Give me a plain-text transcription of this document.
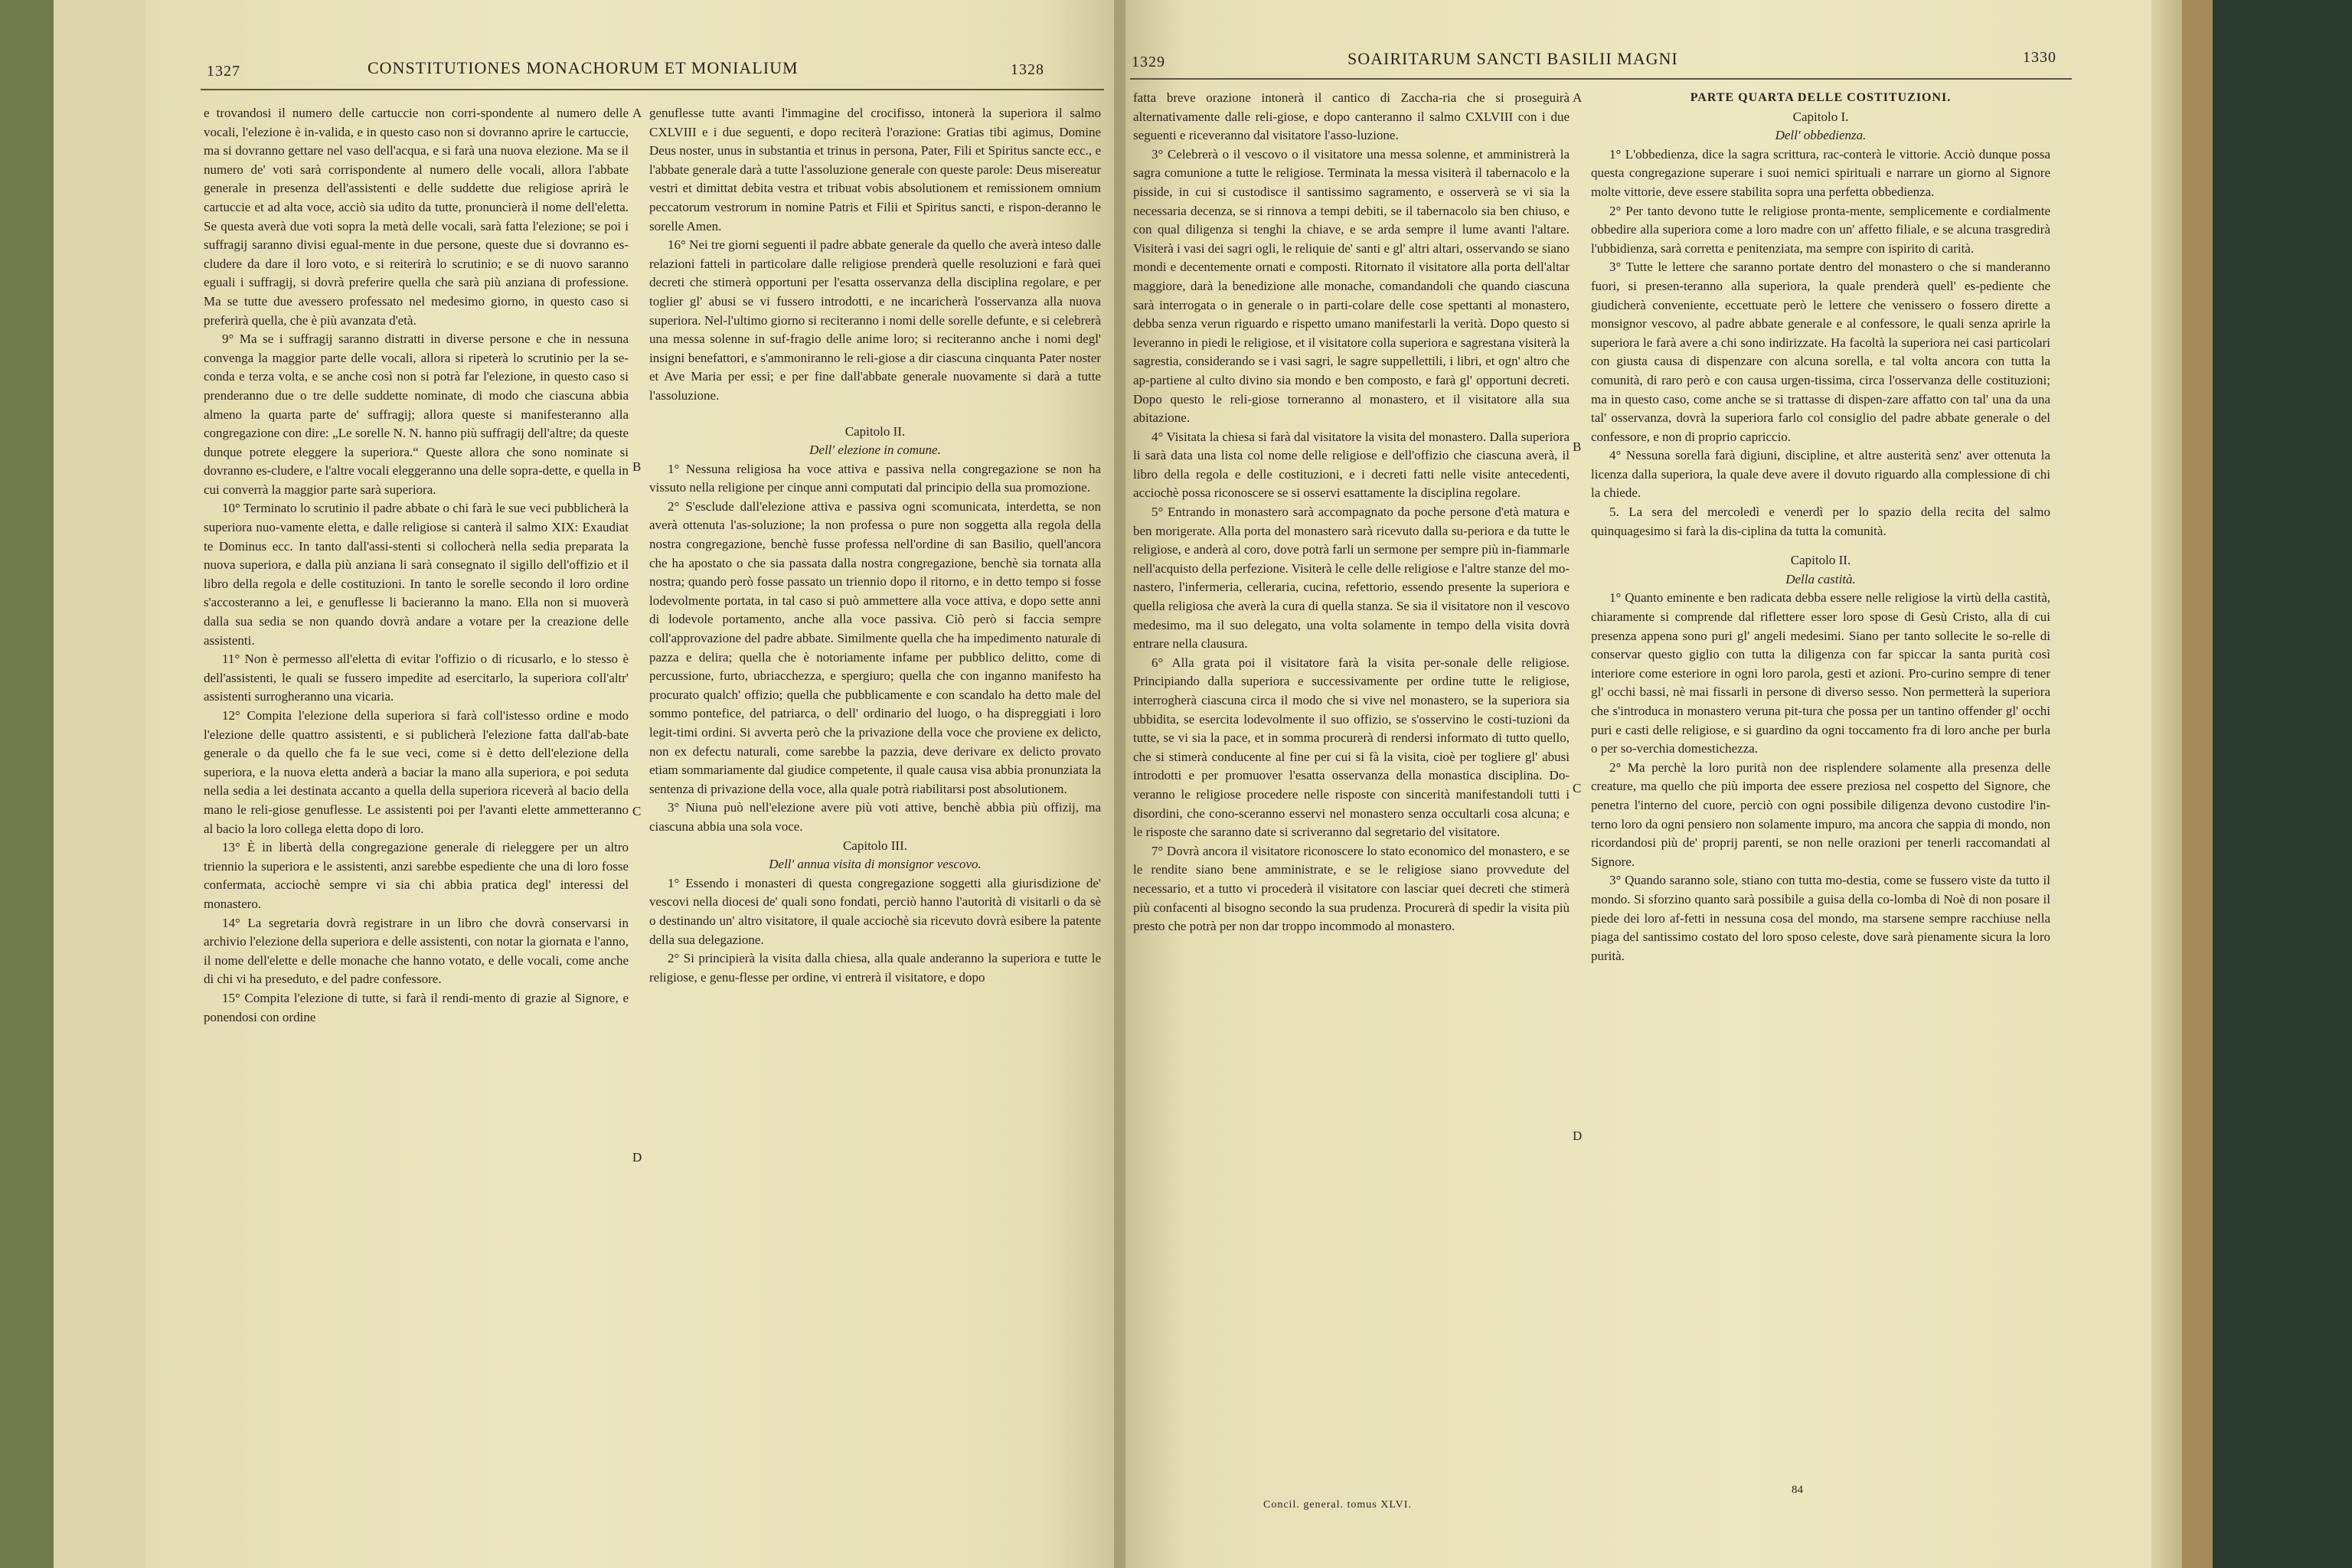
1327	CONSTITUTIONES MONACHORUM ET MONIALIUM	1328

e trovandosi il numero delle cartuccie non corri-spondente al numero delle vocali, l'elezione è in-valida, e in questo caso non si dovranno aprire le cartuccie, ma si dovranno gettare nel vaso dell'acqua, e si farà una nuova elezione. Ma se il numero de' voti sarà corrispondente al numero delle vocali, allora l'abbate generale in presenza dell'assistenti e delle suddette due religiose aprirà le cartuccie et ad alta voce, acciò sia udito da tutte, pronuncierà il nome dell'eletta. Se questa averà due voti sopra la metà delle vocali, sarà fatta l'elezione; se poi i suffragij saranno divisi egual-mente in due persone, queste due si dovranno es-cludere da dare il loro voto, e si reiterirà lo scrutinio; e se di nuovo saranno eguali i suffragij, si dovrà preferire quella che sarà più anziana di professione. Ma se tutte due avessero professato nel medesimo giorno, in questo caso si preferirà quella, che è più avanzata d'età.

9° Ma se i suffragij saranno distratti in diverse persone e che in nessuna convenga la maggior parte delle vocali, allora si ripeterà lo scrutinio per la se-conda e terza volta, e se anche così non si potrà far l'elezione, in questo caso si prenderanno due o tre delle suddette nominate, di modo che ciascuna abbia almeno la quarta parte de' suffragij; allora queste si manifesteranno alla congregazione con dire: „Le sorelle N. N. hanno più suffragij dell'altre; da queste dunque potrete eleggere la superiora.“ Queste allora che sono nominate si dovranno es-cludere, e l'altre vocali eleggeranno una delle sopra-dette, e quella in cui converrà la maggior parte sarà superiora.

10° Terminato lo scrutinio il padre abbate o chi farà le sue veci pubblicherà la superiora nuo-vamente eletta, e dalle religiose si canterà il salmo XIX: Exaudiat te Dominus ecc. In tanto dall'assi-stenti si collocherà nella sedia preparata la nuova superiora, e dalla più anziana li sarà consegnato il sigillo dell'offizio et il libro della regola e delle costituzioni. In tanto le sorelle secondo il loro ordine s'accosteranno a lei, e genuflesse li bacieranno la mano. Ella non si muoverà dalla sua sedia se non quando dovrà andare a votare per la creazione delle assistenti.

11° Non è permesso all'eletta di evitar l'offizio o di ricusarlo, e lo stesso è dell'assistenti, le quali se fussero impedite ad esercitarlo, la superiora coll'altr' assistenti surrogheranno una vicaria.

12° Compita l'elezione della superiora si farà coll'istesso ordine e modo l'elezione delle quattro assistenti, e si publicherà l'elezione fatta dall'ab-bate generale o da quello che fa le sue veci, come si è detto dell'elezione della superiora, e la nuova eletta anderà a baciar la mano alla superiora, e poi seduta nella sedia a lei destinata accanto a quella della superiora riceverà al bacio della mano le reli-giose genuflesse. Le assistenti poi per l'avanti elette ammetteranno al bacio la loro collega eletta dopo di loro.

13° È in libertà della congregazione generale di rieleggere per un altro triennio la superiora e le assistenti, anzi sarebbe espediente che una di loro fosse confermata, acciochè sempre vi sia chi abbia pratica degl' interessi del monastero.

14° La segretaria dovrà registrare in un libro che dovrà conservarsi in archivio l'elezione della superiora e delle assistenti, con notar la giornata e l'anno, il nome dell'elette e delle monache che hanno votato, e delle vocali, come anche di chi vi ha preseduto, e del padre confessore.

15° Compita l'elezione di tutte, si farà il rendi-mento di grazie al Signore, e ponendosi con ordine

A
B
C
D

genuflesse tutte avanti l'immagine del crocifisso, intonerà la superiora il salmo CXLVIII e i due seguenti, e dopo reciterà l'orazione: Gratias tibi agimus, Domine Deus noster, unus in substantia et trinus in persona, Pater, Fili et Spiritus sancte ecc., e l'abbate generale darà a tutte l'assoluzione generale con queste parole: Deus misereatur vestri et dimittat debita vestra et tribuat vobis absolutionem et remissionem omnium peccatorum vestrorum in nomine Patris et Filii et Spiritus sancti, e rispon-deranno le sorelle Amen.

16° Nei tre giorni seguenti il padre abbate generale da quello che averà inteso dalle relazioni fatteli in particolare dalle religiose prenderà quelle resoluzioni e farà quei decreti che stimerà opportuni per l'esatta osservanza della disciplina regolare, e per toglier gl' abusi se vi fussero introdotti, e ne incaricherà l'osservanza alla nuova superiora. Nel-l'ultimo giorno si reciteranno i nomi delle sorelle defunte, e si celebrerà una messa solenne in suf-fragio delle anime loro; si reciteranno anche i nomi degl' insigni benefattori, e s'ammoniranno le reli-giose a dir ciascuna cinquanta Pater noster et Ave Maria per essi; e per fine dall'abbate generale nuovamente si darà a tutte l'assoluzione.

Capitolo II.

Dell' elezione in comune.

1° Nessuna religiosa ha voce attiva e passiva nella congregazione se non ha vissuto nella religione per cinque anni computati dal principio della sua promozione.

2° S'esclude dall'elezione attiva e passiva ogni scomunicata, interdetta, se non averà ottenuta l'as-soluzione; la non professa o pure non soggetta alla regola della nostra congregazione, benchè fusse professa nell'ordine di san Basilio, quell'ancora che ha apostato o che sia passata dalla nostra congregazione, benchè sia tornata alla nostra; quando però fosse passato un triennio dopo il ritorno, e in detto tempo si fosse lodevolmente portata, in tal caso si può ammettere alla voce attiva, e dopo sette anni di lodevole portamento, anche alla voce passiva. Ciò però si faccia sempre coll'approvazione del padre abbate. Similmente quella che ha impedimento naturale di pazza e delira; quella che è notoriamente infame per pubblico delitto, come di percussione, furto, ubriacchezza, e spergiuro; quella che con inganno manifesto ha procurato qualch' offizio; quella che pubblicamente e con scandalo ha detto male del sommo pontefice, del patriarca, o dell' ordinario del luogo, o ha dispreggiati i loro legit-timi ordini. Si avverta però che la privazione della voce che proviene ex delicto, non ex defectu naturali, come sarebbe la pazzia, deve derivare ex delicto provato etiam sommariamente dal giudice competente, il quale causa visa abbia pronunziata la sentenza di privazione della voce, alla quale potrà riabilitarsi post absolutionem.

3° Niuna può nell'elezione avere più voti attive, benchè abbia più offizij, ma ciascuna abbia una sola voce.

Capitolo III.

Dell' annua visita di monsignor vescovo.

1° Essendo i monasteri di questa congregazione soggetti alla giurisdizione de' vescovi nella diocesi de' quali sono fondati, perciò hanno l'autorità di visitarli o da sè o destinando un' altro visitatore, il quale acciochè sia ricevuto dovrà esibere la patente della sua delegazione.

2° Si principierà la visita dalla chiesa, alla quale anderanno la superiora e tutte le religiose, e genu-flesse per ordine, vi entrerà il visitatore, e dopo

1329	SOAIRITARUM SANCTI BASILII MAGNI	1330

fatta breve orazione intonerà il cantico di Zaccha-ria che si proseguirà alternativamente dalle reli-giose, e dopo canteranno il salmo CXLVIII con i due seguenti e riceveranno dal visitatore l'asso-luzione.

3° Celebrerà o il vescovo o il visitatore una messa solenne, et amministrerà la sagra comunione a tutte le religiose. Terminata la messa visiterà il tabernacolo e la pisside, in cui si custodisce il santissimo sagramento, e osserverà se vi sia la necessaria decenza, se si rinnova a tempi debiti, se il tabernacolo sia ben chiuso, e con qual diligenza si tenghi la chiave, e se arda sempre il lume avanti l'altare. Visiterà i vasi dei sagri ogli, le reliquie de' santi e gl' altri altari, osservando se siano mondi e decentemente ornati e composti. Ritornato il visitatore alla porta dell'altar maggiore, darà la benedizione alle monache, comandandoli che quando ciascuna sarà interrogata o in generale o in parti-colare delle cose spettanti al monastero, debba senza verun riguardo e rispetto umano manifestarli la verità. Dopo questo si leveranno in piedi le religiose, et il visitatore colla superiora e sagrestana visiterà la sagrestia, considerando se i vasi sagri, le sagre suppellettili, i libri, et ogn' altro che ap-partiene al culto divino sia mondo e ben composto, e farà gl' opportuni decreti. Dopo questo le reli-giose torneranno al monastero, et il visitatore alla sua abitazione.

4° Visitata la chiesa si farà dal visitatore la visita del monastero. Dalla superiora li sarà data una lista col nome delle religiose e dell'offizio che ciascuna averà, il libro della regola e delle costituzioni, e i decreti fatti nelle visite antecedenti, acciochè possa riconoscere se si osservi esattamente la disciplina regolare.

5° Entrando in monastero sarà accompagnato da poche persone d'età matura e ben morigerate. Alla porta del monastero sarà ricevuto dalla su-periora e da tutte le religiose, e anderà al coro, dove potrà farli un sermone per sempre più in-fiammarle nell'acquisto della perfezione. Visiterà le celle delle religiose e l'altre stanze del mo-nastero, l'infermeria, celleraria, cucina, refettorio, essendo presente la superiora e quella religiosa che averà la cura di quella stanza. Se sia il visitatore non il vescovo medesimo, ma il suo delegato, una volta solamente in tempo della visita dovrà entrare nella clausura.

6° Alla grata poi il visitatore farà la visita per-sonale delle religiose. Principiando dalla superiora e successivamente per ordine tutte le religiose, interrogherà ciascuna circa il modo che si vive nel monastero, se la superiora sia ubbidita, se esercita lodevolmente il suo offizio, se s'osservino le costi-tuzioni da tutte, se vi sia la pace, et in somma procurerà di rendersi informato di tutto quello, che si stimerà conducente al fine per cui si fà la visita, cioè per togliere gl' abusi introdotti e per promuover l'esatta osservanza della monastica disciplina. Do-veranno le religiose procedere nelle risposte con sincerità manifestandoli tutti i disordini, che cono-sceranno esservi nel monastero senza occultarli cosa alcuna; e le risposte che saranno date si scriveranno dal segretario del visitatore.

7° Dovrà ancora il visitatore riconoscere lo stato economico del monastero, e se le rendite siano bene amministrate, e se le religiose siano provvedute del necessario, et a tutto vi procederà il visitatore con lasciar quei decreti che stimerà più confacenti al bisogno secondo la sua prudenza. Procurerà di spedir la visita più presto che potrà per non dar troppo incommodo al monastero.

A
B
C
D

PARTE QUARTA DELLE COSTITUZIONI.

Capitolo I.

Dell' obbedienza.

1° L'obbedienza, dice la sagra scrittura, rac-conterà le vittorie. Acciò dunque possa questa congregazione superare i suoi nemici spirituali e narrare un giorno al Signore molte vittorie, deve essere stabilita sopra una perfetta obbedienza.

2° Per tanto devono tutte le religiose pronta-mente, semplicemente e cordialmente obbedire alla superiora come a loro madre con un' affetto filiale, e se alcuna trasgredirà l'ubbidienza, sarà corretta e penitenziata, ma sempre con ispirito di carità.

3° Tutte le lettere che saranno portate dentro del monastero o che si manderanno fuori, si presen-teranno alla superiora, la quale prenderà quell' es-pediente che giudicherà conveniente, eccettuate però le lettere che venissero o fossero dirette a monsignor vescovo, al padre abbate generale e al confessore, le quali senza aprirle la superiora le farà avere a chi sono indirizzate. Ha facoltà la superiora nei casi particolari con giusta causa di dispenzare con alcuna sorella, e tal volta ancora con tutta la comunità, di raro però e con causa urgen-tissima, circa l'osservanza delle costituzioni; ma in questo caso, come anche se si trattasse di dispen-zare affatto con tal' una da una tal' osservanza, dovrà la superiora farlo col consiglio del padre abbate generale o del confessore, e non di proprio capriccio.

4° Nessuna sorella farà digiuni, discipline, et altre austerità senz' aver ottenuta la licenza dalla superiora, la quale deve avere il dovuto riguardo alla complessione di chi la chiede.

5. La sera del mercoledì e venerdì per lo spazio della recita del salmo quinquagesimo si farà la dis-ciplina da tutta la comunità.

Capitolo II.

Della castità.

1° Quanto eminente e ben radicata debba essere nelle religiose la virtù della castità, chiaramente si comprende dal riflettere esser loro spose di Gesù Cristo, alla di cui presenza appena sono puri gl' angeli medesimi. Siano per tanto sollecite le so-relle di conservar questo giglio con tutta la diligenza con far spiccar la santa purità così interiore come esteriore in ogni loro parola, gesti et azioni. Pro-curino sempre di tener gl' occhi bassi, nè mai fissarli in persone di diverso sesso. Non permetterà la superiora che s'introduca in monastero veruna pit-tura che possa per un tantino offender gl' occhi puri e casti delle religiose, e si guardino da ogni toccamento fra di loro anche per burla o per so-verchia domestichezza.

2° Ma perchè la loro purità non dee risplendere solamente alla presenza delle creature, ma quello che più importa dee essere preziosa nel cospetto del Signore, che penetra l'interno del cuore, perciò con ogni possibile diligenza devono custodire l'in-terno loro da ogni pensiero non solamente impuro, ma ancora che sappia di mondo, non ricordandosi più de' proprij parenti, se non nelle orazioni per tenerli raccomandati al Signore.

3° Quando saranno sole, stiano con tutta mo-destia, come se fussero viste da tutto il mondo. Si sforzino quanto sarà possibile a guisa della co-lomba di Noè di non posare il piede dei loro af-fetti in nessuna cosa del mondo, ma starsene sempre racchiuse nella piaga del santissimo costato del loro sposo celeste, dove sarà pienamente sicura la loro purità.

Concil. general. tomus XLVI.
84
